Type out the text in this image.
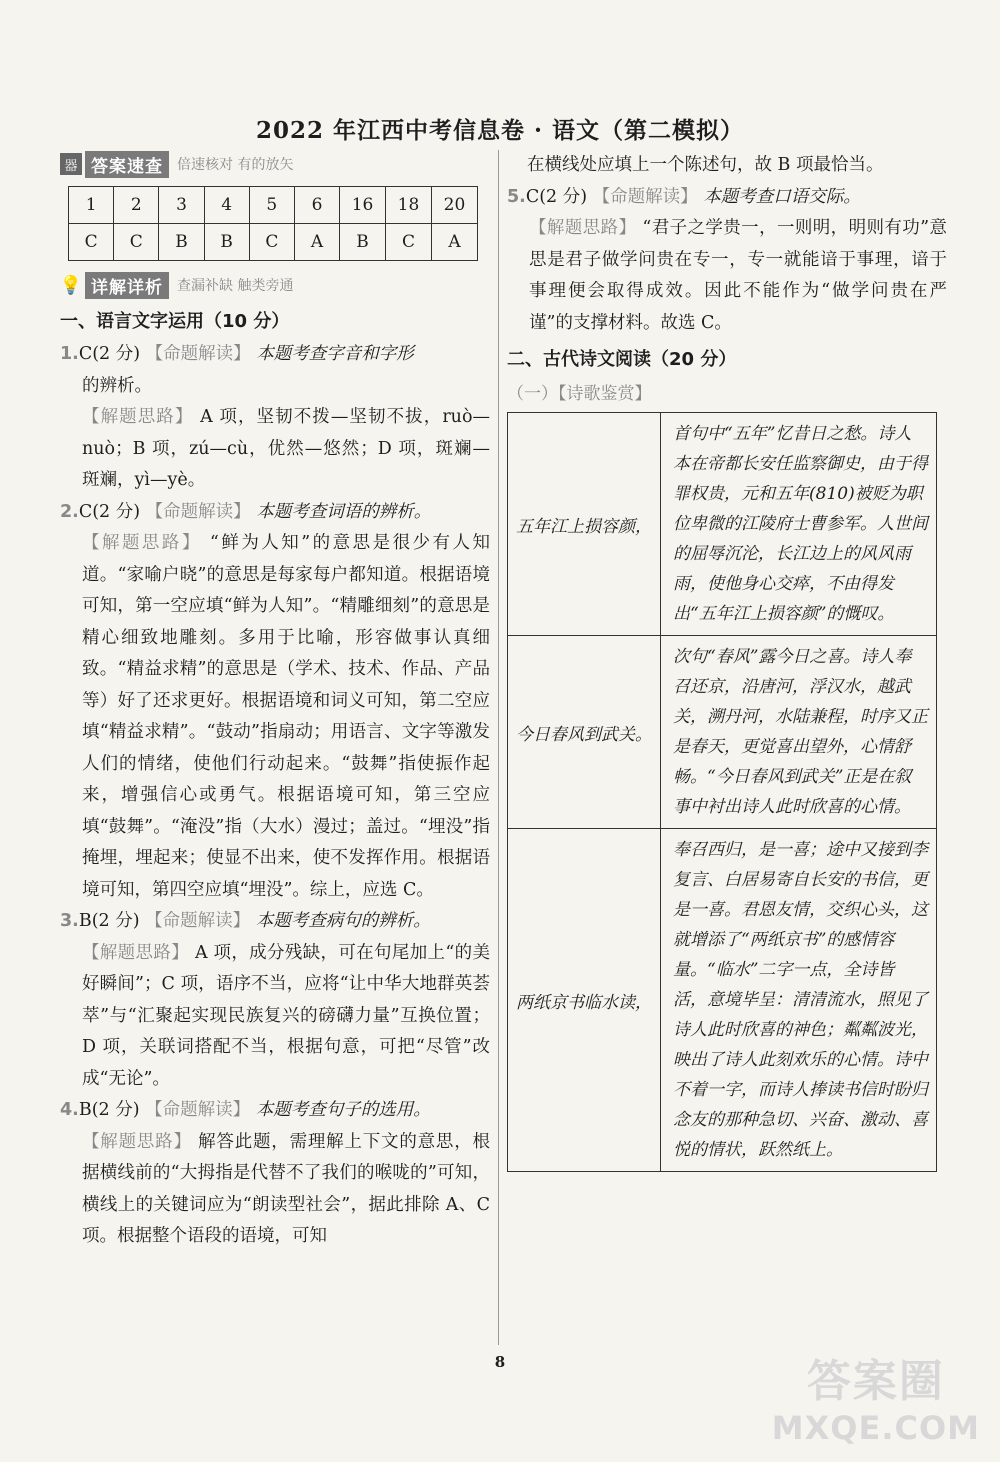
2022 年江西中考信息卷 · 语文（第二模拟）
器 答案速查	倍速核对 有的放矢
1	2	3	4	5	6	16	18	20
C	C	B	B	C	A	B	C	A
💡 详解详析	查漏补缺 触类旁通
一、语言文字运用（10 分）

1.C(2 分) 【命题解读】 本题考查字音和字形

的辨析。

【解题思路】 A 项，坚韧不拨—坚韧不拔，ruò—nuò；B 项，zú—cù，优然—悠然；D 项，斑斓—斑斓，yì—yè。

2.C(2 分) 【命题解读】 本题考查词语的辨析。

【解题思路】 “鲜为人知”的意思是很少有人知道。“家喻户晓”的意思是每家每户都知道。根据语境可知，第一空应填“鲜为人知”。“精雕细刻”的意思是精心细致地雕刻。多用于比喻，形容做事认真细致。“精益求精”的意思是（学术、技术、作品、产品等）好了还求更好。根据语境和词义可知，第二空应填“精益求精”。“鼓动”指扇动；用语言、文字等激发人们的情绪，使他们行动起来。“鼓舞”指使振作起来，增强信心或勇气。根据语境可知，第三空应填“鼓舞”。“淹没”指（大水）漫过；盖过。“埋没”指掩埋，埋起来；使显不出来，使不发挥作用。根据语境可知，第四空应填“埋没”。综上，应选 C。

3.B(2 分) 【命题解读】 本题考查病句的辨析。

【解题思路】 A 项，成分残缺，可在句尾加上“的美好瞬间”；C 项，语序不当，应将“让中华大地群英荟萃”与“汇聚起实现民族复兴的磅礴力量”互换位置；D 项，关联词搭配不当，根据句意，可把“尽管”改成“无论”。

4.B(2 分) 【命题解读】 本题考查句子的选用。

【解题思路】 解答此题，需理解上下文的意思，根据横线前的“大拇指是代替不了我们的喉咙的”可知，横线上的关键词应为“朗读型社会”，据此排除 A、C 项。根据整个语段的语境，可知

在横线处应填上一个陈述句，故 B 项最恰当。

5.C(2 分) 【命题解读】 本题考查口语交际。

【解题思路】 “君子之学贵一，一则明，明则有功”意思是君子做学问贵在专一，专一就能谙于事理，谙于事理便会取得成效。因此不能作为“做学问贵在严谨”的支撑材料。故选 C。

二、古代诗文阅读（20 分）
（一）【诗歌鉴赏】
五年江上损容颜，	首句中“五年”忆昔日之愁。诗人本在帝都长安任监察御史，由于得罪权贵，元和五年(810)被贬为职位卑微的江陵府士曹参军。人世间的屈辱沉沦，长江边上的风风雨雨，使他身心交瘁，不由得发出“五年江上损容颜”的慨叹。
今日春风到武关。	次句“春风”露今日之喜。诗人奉召还京，沿唐河，浮汉水，越武关，溯丹河，水陆兼程，时序又正是春天，更觉喜出望外，心情舒畅。“今日春风到武关”正是在叙事中衬出诗人此时欣喜的心情。
两纸京书临水读，	奉召西归，是一喜；途中又接到李复言、白居易寄自长安的书信，更是一喜。君恩友情，交织心头，这就增添了“两纸京书”的感情容量。“临水”二字一点，全诗皆活，意境毕呈：清清流水，照见了诗人此时欣喜的神色；粼粼波光，映出了诗人此刻欢乐的心情。诗中不着一字，而诗人捧读书信时盼归念友的那种急切、兴奋、激动、喜悦的情状，跃然纸上。
8	答案圈
MXQE.COM
